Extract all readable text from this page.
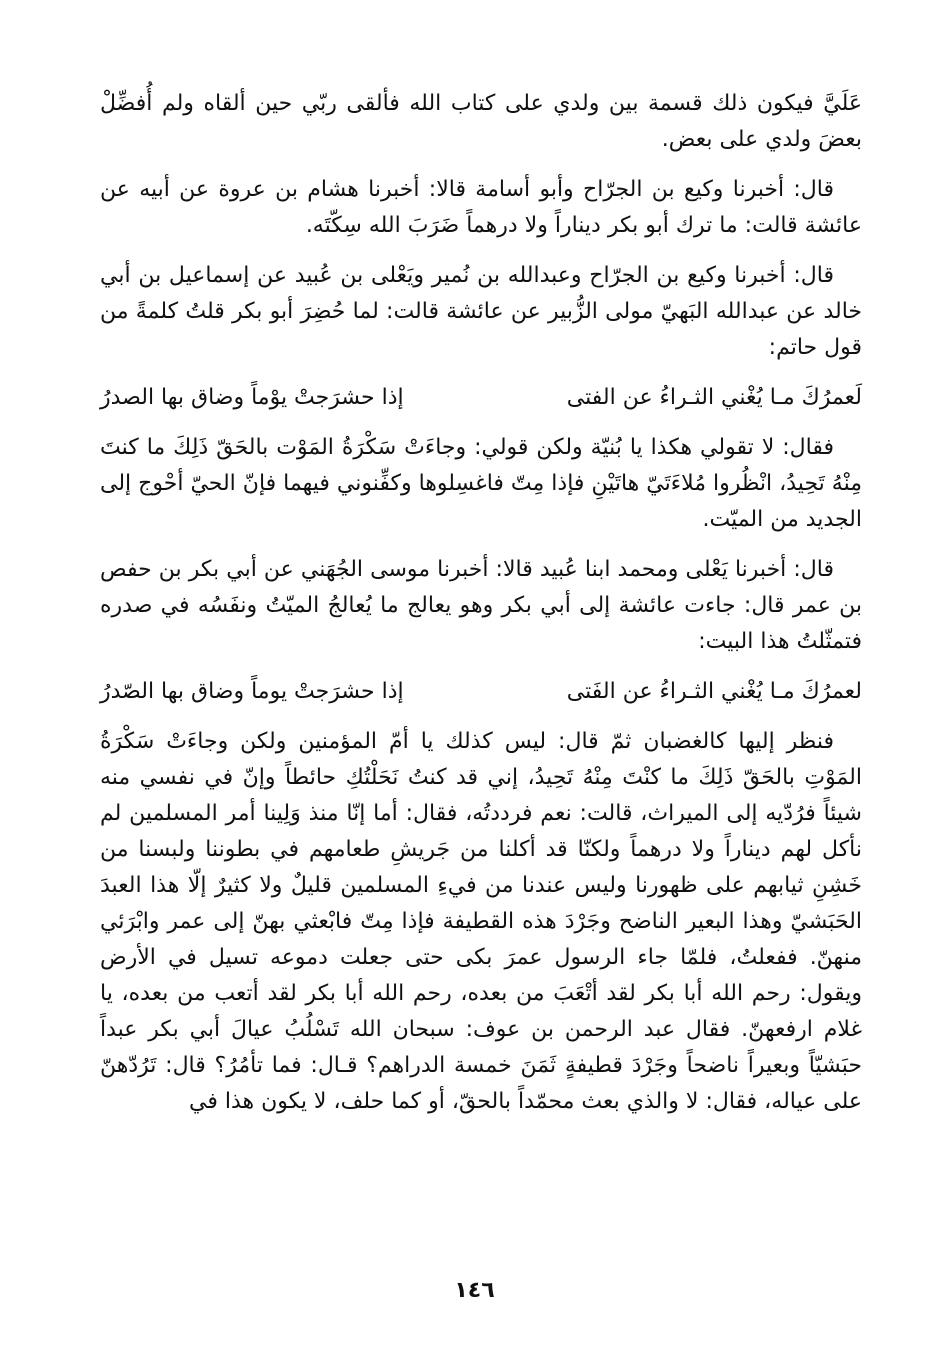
عَلَيَّ فيكون ذلك قسمة بين ولدي على كتاب الله فألقى ربّي حين ألقاه ولم أُفضِّلْ بعضَ ولدي على بعض.

قال: أخبرنا وكيع بن الجرّاح وأبو أسامة قالا: أخبرنا هشام بن عروة عن أبيه عن عائشة قالت: ما ترك أبو بكر ديناراً ولا درهماً ضَرَبَ الله سِكّتَه.

قال: أخبرنا وكيع بن الجرّاح وعبدالله بن نُمير ويَعْلى بن عُبيد عن إسماعيل بن أبي خالد عن عبدالله البَهيّ مولى الزُّبير عن عائشة قالت: لما حُضِرَ أبو بكر قلتُ كلمةً من قول حاتم:

لَعمرُكَ مـا يُغْني الثـراءُ عن الفتى
إذا حشرَجتْ يوْماً وضاق بها الصدرُ

فقال: لا تقولي هكذا يا بُنيّة ولكن قولي: وجاءَتْ سَكْرَةُ المَوْت بالحَقّ ذَلِكَ ما كنتَ مِنْهُ تَحِيدُ، انْظُروا مُلاءَتَيّ هاتَيْنِ فإذا مِتّ فاغسِلوها وكفِّنوني فيهما فإنّ الحيّ أحْوج إلى الجديد من الميّت.

قال: أخبرنا يَعْلى ومحمد ابنا عُبيد قالا: أخبرنا موسى الجُهَني عن أبي بكر بن حفص بن عمر قال: جاءت عائشة إلى أبي بكر وهو يعالج ما يُعالجُ الميّتُ ونفَسُه في صدره فتمثّلتُ هذا البيت:

لعمرُكَ مـا يُغْني الثـراءُ عن الفَتى
إذا حشرَجتْ يوماً وضاق بها الصّدرُ

فنظر إليها كالغضبان ثمّ قال: ليس كذلك يا أمّ المؤمنين ولكن وجاءَتْ سَكْرَةُ المَوْتِ بالحَقّ ذَلِكَ ما كنْتَ مِنْهُ تَحِيدُ، إني قد كنتُ نَحَلْتُكِ حائطاً وإنّ في نفسي منه شيئاً فرُدّيه إلى الميراث، قالت: نعم فرددتُه، فقال: أما إنّا منذ وَلِينا أمر المسلمين لم نأكل لهم ديناراً ولا درهماً ولكنّا قد أكلنا من جَريشِ طعامهم في بطوننا ولبسنا من خَشِنِ ثيابهم على ظهورنا وليس عندنا من فيءِ المسلمين قليلٌ ولا كثيرٌ إلّا هذا العبدَ الحَبَشيّ وهذا البعير الناضح وجَرْدَ هذه القطيفة فإذا مِتّ فابْعثي بهنّ إلى عمر وابْرَئي منهنّ. ففعلتُ، فلمّا جاء الرسول عمرَ بكى حتى جعلت دموعه تسيل في الأرض ويقول: رحم الله أبا بكر لقد أتْعَبَ من بعده، رحم الله أبا بكر لقد أتعب من بعده، يا غلام ارفعهنّ. فقال عبد الرحمن بن عوف: سبحان الله تَسْلُبُ عيالَ أبي بكر عبداً حبَشيّاً وبعيراً ناضحاً وجَرْدَ قطيفةٍ ثَمَنَ خمسة الدراهم؟ قـال: فما تأمُرُ؟ قال: تَرُدّهنّ على عياله، فقال: لا والذي بعث محمّداً بالحقّ، أو كما حلف، لا يكون هذا في

١٤٦
